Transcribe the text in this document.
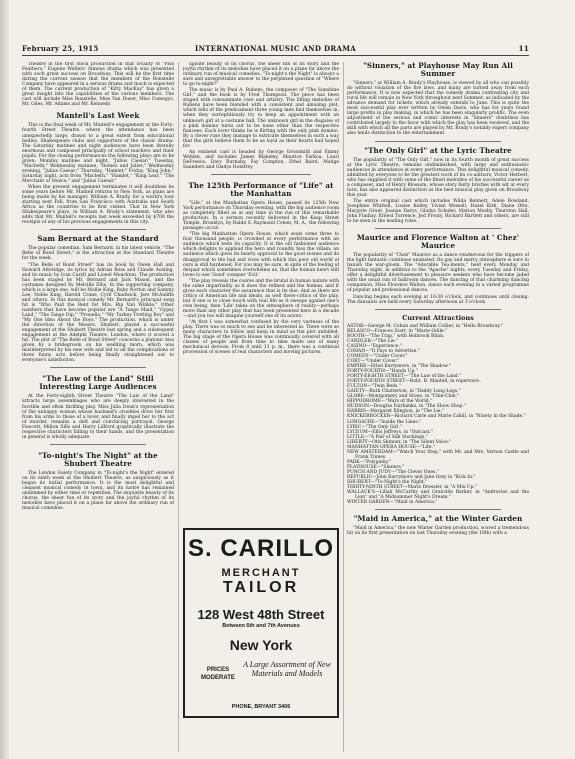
February 25, 1915	INTERNATIONAL MUSIC AND DRAMA	11

Theatre in the first stock production in that locality of "Plus Feathers," Eugene Walters' famous drama which was presented with such great success on Broadway. This will be the first time during the current season that the members of the Bonstelle Company have appeared in a serious drama and much is expected of them. The current production of "Kitty MacKay" has given a great insight into the capabilities of the various members. The cast will include Miss Bonstelle, Miss Van Duser, Miss Comegys, Mr. Giles, Mr. Adams and Mr. Kennedy.

Mantell's Last Week

This is the final week of Mr. Mantell's engagement at the Forty-fourth Street Theatre, where the attendance has been unexpectedly large, drawn to a great extent from educational bodies, Shakespeare clubs and supporters of the classic drama. The Saturday matinee and night audiences have been literally enormous and composed principally of school teachers and their pupils. For the closing performances the following plays are to be given: Monday matinee and night, "Julius Caesar;" Tuesday, "Macbeth;" Wednesday matinee, "Romeo and Juliet;" Wednesday evening, "Julius Caesar;" Thursday, "Hamlet;" Friday, "King John;" Saturday night, acts from "Macbeth," "Hamlet," "King Lear," "The Merchant of Venice," and "Julius Caesar."

When the present engagement terminates it will doubtless be some years before Mr. Mantell returns to New York, as plans are being made by his manager, William A. Brady, for a world's tour starting next Fall, from San Francisco with Australia and South Africa as the countries to be first visited. That in New York Shakespeare's plays, in William A. Brady's statement, who also adds that Mr. Mantell's receipts last week exceeded by $700 the receipts of any of his previous engagements in this city.

Sam Bernard at the Standard

The popular comedian, Sam Bernard, in his latest vehicle, "The Belle of Bond Street," is the attraction at the Standard Theatre for the week.

"The Belle of Bond Street" has its book by Owen Hall and Howard Atteridge, its lyrics by Adrian Ross and Claude Aveling, and its music by Ivan Caryll and Lionel Monckton. The production has been staged by Mr. Bernard and Jack Mason, and the costumes designed by Melville Ellis. In the supporting company, which is a large one, will be Mollie King, Ruby Norton and Sammy Lee, Nellie King, Harold Crane, Cyril Chadwick, Jere McAuliffe and others. In this musical comedy Mr. Bernard's principal song hit is "Who Paid the Rent for Mrs. Rip Van Winkle." Other numbers that have become popular are "A Tango Maid," "Gypsy Land," "The Tango Dip," "Prunella," "My Turkey Trotting Boy" and "My One Idea About the Boys." The production, which is under the direction of the Messrs. Shubert, played a successful engagement at the Shubert Theatre last spring and a subsequent engagement at the Adelphi Theatre, London, where it scored a hit. The plot of "The Belle of Bond Street" concerns a platonic kiss given by a bridegroom on his wedding morn, which was misinterpreted by his new wife and led to all the complications of three funny acts before being finally straightened out to everyone's satisfaction.

"The Law of the Land" Still Interesting Large Audiences

At the Forty-eighth Street Theatre "The Law of the Land" attracts large assemblages who are deeply interested in the forcible and often thrilling play. Miss Julia Dean's representation of the unhappy woman whose husband's cruelties drive her first from his arms to those of a lover, and finally impel her to the act of murder, remains a deft and convincing portrayal. George Fawcett, Milton Sills and Harry Lillford graphically illustrate the respective characters falling to their hands, and the presentation in general is wholly adequate.

"To-night's The Night" at the Shubert Theatre

The London Gaiety Company in "To-night's the Night" entered on its ninth week at the Shubert Theatre, as auspiciously as it began its initial performance. It is the most delightful and cleanest musical comedy in town, and its lustre has remained undimmed by either time or repetition. The exquisite beauty of its chorus, the sheer fun of its story and the joyful rhythm of its melodies have placed it on a plane far above the ordinary run of musical comedies.

upisite beauty of its chorus, the sheer fun of its story and the joyful rhythm of its melodies have placed it on a plane far above the ordinary run of musical comedies. "To-night's the Night" is always a sure and unregrettable answer to the perplexed question of "Where to go to-night?"

The music is by Paul A. Rubens, the composer of "The Sunshine Girl," and the book is by Fred Thompson. The piece has been staged with consummate care and artistry. The lilting melodies of Rubens have been blended with a consistent and amusing plot, which tells of the predicament three young men find themselves in, when they surreptitiously try to keep an appointment with an unknown girl at a costume ball. The unknown girl in the disguise of a pink domino turns out to be none other than the respective fiancees. Each lover thinks he is flirting with the only pink domino. By a clever ruse they manage to extricate themselves in such a way that the girls believe them to be as loyal as their hearts had hoped for.

An eminent cast is headed by George Grossmith and Emmy Wehlen, and includes James Blakeley, Maurice Farkoa, Lauri DeFreece, Davy Burnaby, Fay Compton, Ethel Baird, Madge Saunders and Gladys Homfrey.

The 125th Performance of "Life" at the Manhattan

"Life," at the Manhattan Opera House, passed its 125th New York performance on Thursday evening, with the big audience room as completely filled as at any time in the run of this remarkable production. In a sermon recently delivered in the Keap Street Temple, Brooklyn, by Rabbi S. Raymond Cohen, M. A., the following passages occur:

"The big Manhattan Opera House, which seats some three to four thousand people, is crowded at every performance with an audience which tests its capacity. It is the old fashioned audience which delights to applaud the hero and roundly hiss the villain; an audience which gives its hearty approval to the good scenes and its disapproval to the bad and vices with which this poor old world of ours is still burdened. For you may be sure, in spite of the feeling of despair which sometimes overwhelms us, that the human heart still loves to see 'Good' conquer 'Evil.'

"The play reveals the coarse and the brutal in human nature with the same impartiality as it does the refined and the human, and it gives each character the assurance that is its due. And as there are critics of American life and ideals, as well there-critics of the play, but if one is to close touch with real life as it sweeps against one's own being, then 'Life' takes on the atmosphere of reality—perhaps more than any other play that has been presented here in a decade—and you too will imagine yourself one of its actors.

"At first I was somewhat confused by the very vastness of the play. There was so much to see and be interested in. There were so many characters to follow and keep in mind as the plot unfolded. The big stage of the Opera House was continually covered with all classes of people and from time to time made use of many mechanical devices. From 8 until 11 p. m., there was a continual procession of scenes of real characters and moving pictures.

S. CARILLO
MERCHANT
TAILOR
128 West 48th Street
Between 6th and 7th Avenues
New York
PRICES
MODERATE
A Large Assortment of New Materials and Models
PHONE, BRYANT 3406
"Sinners," at Playhouse May Run All Summer

"Sinners," at William A. Brady's Playhouse, is viewed by all who can possibly do without violation of the fire laws, and many are turned away from each performance. It is now expected that the comedy drama contrasting city and rural life will remain in New York throughout next Summer, as indicated by the advance demand for tickets, which already extends to June. This is quite the most successful play ever written by Owen Davis, who has for years found large profits in play making, in which he has been singularly prolific. The even adjustment of the serious and comic interests in "Sinners" doubtless has contributed largely to the favor with which the play has been received, and the skill with which all the parts are played by Mr. Brady's notably expert company also lends distinction to the entertainment.

"The Only Girl" at the Lyric Theatre

The popularity of "The Only Girl," now in its fourth month of great success at the Lyric Theatre, remains undiminished, with large and enthusiastic audiences in attendance at every performance. This delightful musical comedy, admitted by everyone to be the greatest work of its co-authors, Victor Herbert, who has supplied it with some of the finest melodies of his successful career as a composer, and of Henry Blossom, whose story fairly bristles with wit at every turn, has also appeared distinction as the best musical play given on Broadway this year.

The entire original cast which includes Wilda Bennett, Adele Rowland, Josephine Whittell, Louise Kelley, Vivian Wessell, Hazel Kirk, Diane Otte, Marjorie Gruet, Joanne Darys, Gladys Schuler, Marion Mosby, Thurston Hall, John Findlay, Ernest Torrence, Jed Prouty, Richard Bartlett and others, are still to be seen in the leading roles.

Maurice and Florence Walton at ' Chez' Maurice

The popularity of "Chez" Maurice as a dance rendezvous for the trippers of the light fantastic continues unabated. Its gay and merry atmosphere is sure to banish the war-gloom. The "Adorable Tea-ments," held every Monday and Thursday night, in addition to the "Apache" nights, every Tuesday and Friday, offer a delightful divertissement to pleasure seekers who have become jaded with the usual run of ballroom dances. The dancing of that charming dancing companion, Miss Florence Walton, dance each evening in a varied programme of popular and professional dances.

Dancing begins each evening at 10:30 o'clock, and continues until closing. The dansants are held every Saturday afternoon at 3 o'clock.

Current Attractions

ASTOR—George M. Cohan and William Collier, in "Hello Broadway."

BELASCO—Frances Starr, in "Marie-Odile."

BOOTH—"The Trap," with Holbrook Blinn.

CANDLER—"The Lie."

CASINO—"Experience."

COHAN—"It Pays to Advertise."

COMEDY—"Under Cover."

CORT—"Under Cover."

EMPIRE—Ethel Barrymore, in "The Shadow."

FORTY-FOURTH—"Hands Up."

FORTY-EIGHTH STREET—"The Law of the Land."

FORTY-FOURTH STREET—Robt. B. Mantell, in repertoire.

FULTON—"Twin Beds."

GAIETY—Ruth Chatterton, in "Daddy Long-Legs."

GLOBE—Montgomery and Stone, in "Chin-Chin."

HIPPODROME—"Wars of the World."

HUDSON—Douglas Fairbanks, in "The Show Shop."

HARRIS—Margaret Illington, in "The Lie."

KNICKERBOCKER—Richard Carle and Marie Cahill, in "Ninety in the Shade."

LONGACRE—"Inside the Lines."

LYRIC—"The Only Girl."

LYCEUM—Ellis Jeffreys, in "Outcast."

LITTLE—"A Pair of Silk Stockings."

LIBERTY—Otis Skinner, in "The Silent Voice."

MANHATTAN OPERA HOUSE—"Life."

NEW AMSTERDAM—"Watch Your Step," with Mr. and Mrs. Vernon Castle and Frank Tinney.

PARK—"Polygamy."

PLAYHOUSE—"Sinners."

PUNCH AND JUDY—"The Clever Ones."

REPUBLIC—John Barrymore and Jane Grey in "Kick In."

SHUBERT—"To-Night's the Night."

THIRTY-NINTH STREET—Marie Dressler, in "A Mix-Up."

WALLACK'S—Lillah McCarthy and Granville Barker, in "Androcles and the Lion" and "A Midsummer Night's Dream."

WINTER GARDEN—"Maid in America."

"Maid in America," at the Winter Garden

"Maid in America," the new Winter Garden production, scored a tremendous hit on its first presentation on last Thursday evening (the 18th) with a
